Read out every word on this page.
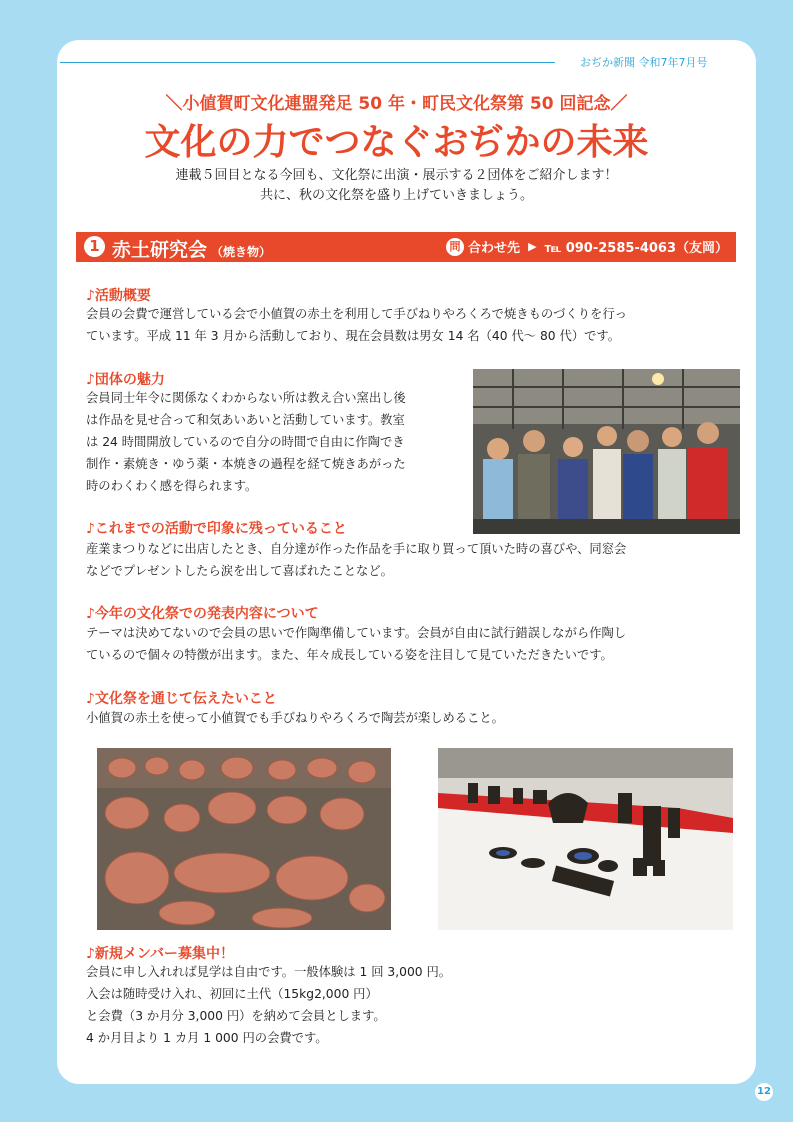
おぢか新聞 令和7年7月号
＼小値賀町文化連盟発足 50 年・町民文化祭第 50 回記念／
文化の力でつなぐおぢかの未来
連載５回目となる今回も、文化祭に出演・展示する２団体をご紹介します！
共に、秋の文化祭を盛り上げていきましょう。
1 赤土研究会 （焼き物）	問 合わせ先 ▶ ℡ 090-2585-4063（友岡）
♪活動概要
会員の会費で運営している会で小値賀の赤土を利用して手びねりやろくろで焼きものづくりを行っ
ています。平成 11 年 3 月から活動しており、現在会員数は男女 14 名（40 代〜 80 代）です。
♪団体の魅力
会員同士年令に関係なくわからない所は教え合い窯出し後
は作品を見せ合って和気あいあいと活動しています。教室
は 24 時間開放しているので自分の時間で自由に作陶でき
制作・素焼き・ゆう薬・本焼きの過程を経て焼きあがった
時のわくわく感を得られます。
♪これまでの活動で印象に残っていること
産業まつりなどに出店したとき、自分達が作った作品を手に取り買って頂いた時の喜びや、同窓会
などでプレゼントしたら涙を出して喜ばれたことなど。
♪今年の文化祭での発表内容について
テーマは決めてないので会員の思いで作陶準備しています。会員が自由に試行錯誤しながら作陶し
ているので個々の特徴が出ます。また、年々成長している姿を注目して見ていただきたいです。
♪文化祭を通じて伝えたいこと
小値賀の赤土を使って小値賀でも手びねりやろくろで陶芸が楽しめること。
♪新規メンバー募集中！
会員に申し入れれば見学は自由です。一般体験は 1 回 3,000 円。
入会は随時受け入れ、初回に土代（15kg2,000 円）
と会費（3 か月分 3,000 円）を納めて会員とします。
4 か月目より 1 カ月 1 000 円の会費です。
12
